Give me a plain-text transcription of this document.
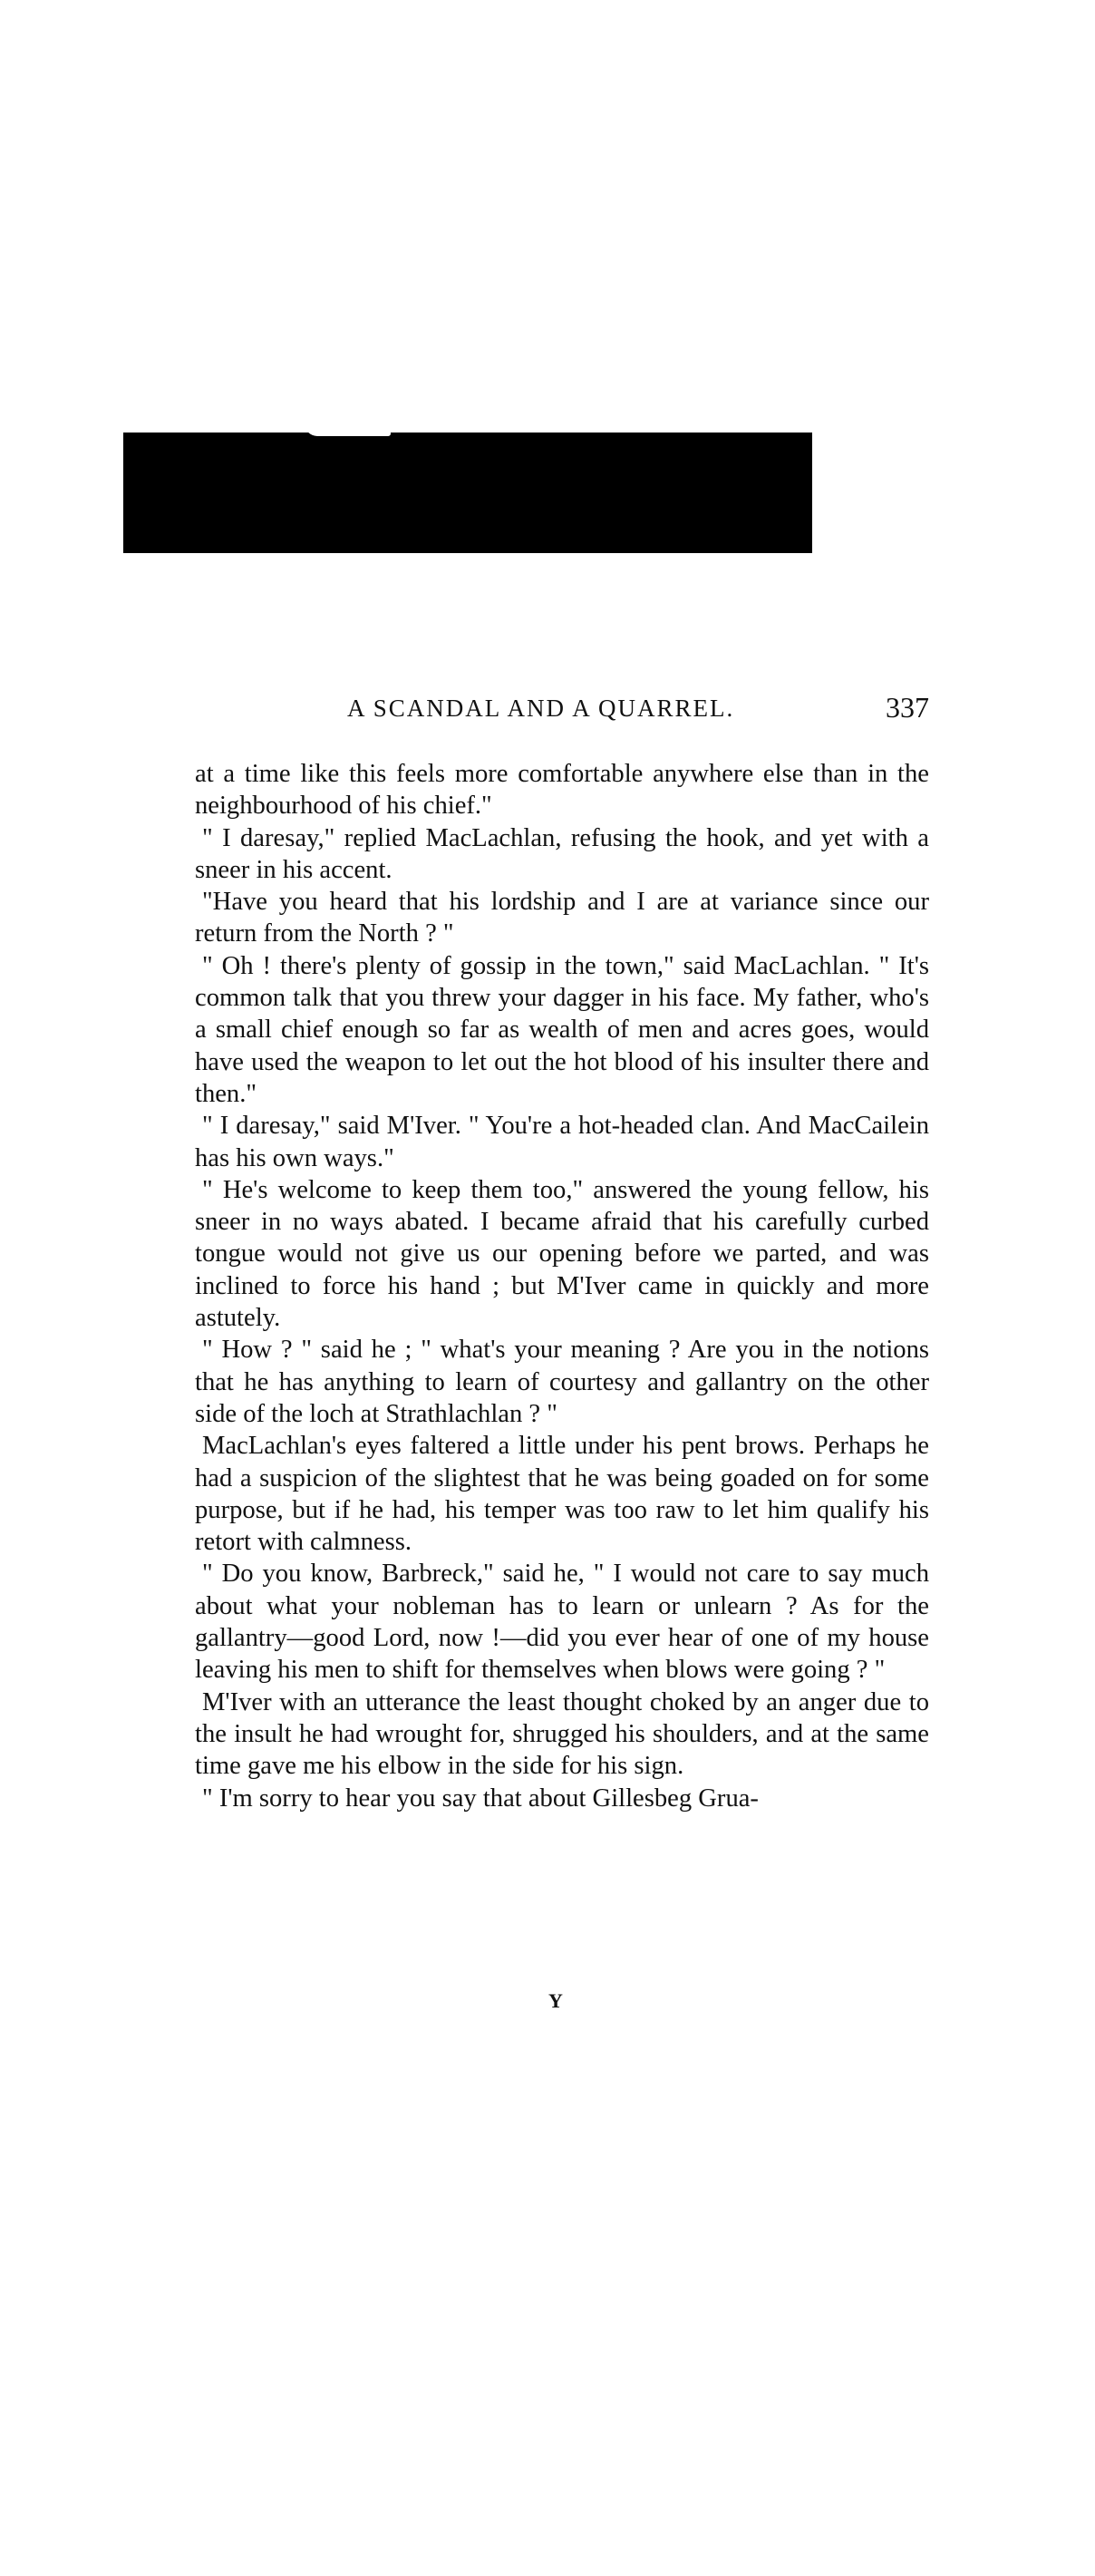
A SCANDAL AND A QUARREL.	337

at a time like this feels more comfortable anywhere else than in the neighbourhood of his chief."

" I daresay," replied MacLachlan, refusing the hook, and yet with a sneer in his accent.

"Have you heard that his lordship and I are at variance since our return from the North ? "

" Oh ! there's plenty of gossip in the town," said MacLachlan. " It's common talk that you threw your dagger in his face. My father, who's a small chief enough so far as wealth of men and acres goes, would have used the weapon to let out the hot blood of his insulter there and then."

" I daresay," said M'Iver. " You're a hot-headed clan. And MacCailein has his own ways."

" He's welcome to keep them too," answered the young fellow, his sneer in no ways abated. I became afraid that his carefully curbed tongue would not give us our opening before we parted, and was inclined to force his hand ; but M'Iver came in quickly and more astutely.

" How ? " said he ; " what's your meaning ? Are you in the notions that he has anything to learn of courtesy and gallantry on the other side of the loch at Strathlachlan ? "

MacLachlan's eyes faltered a little under his pent brows. Perhaps he had a suspicion of the slightest that he was being goaded on for some purpose, but if he had, his temper was too raw to let him qualify his retort with calmness.

" Do you know, Barbreck," said he, " I would not care to say much about what your nobleman has to learn or unlearn ? As for the gallantry—good Lord, now !—did you ever hear of one of my house leaving his men to shift for themselves when blows were going ? "

M'Iver with an utterance the least thought choked by an anger due to the insult he had wrought for, shrugged his shoulders, and at the same time gave me his elbow in the side for his sign.

" I'm sorry to hear you say that about Gillesbeg Grua-

Y
